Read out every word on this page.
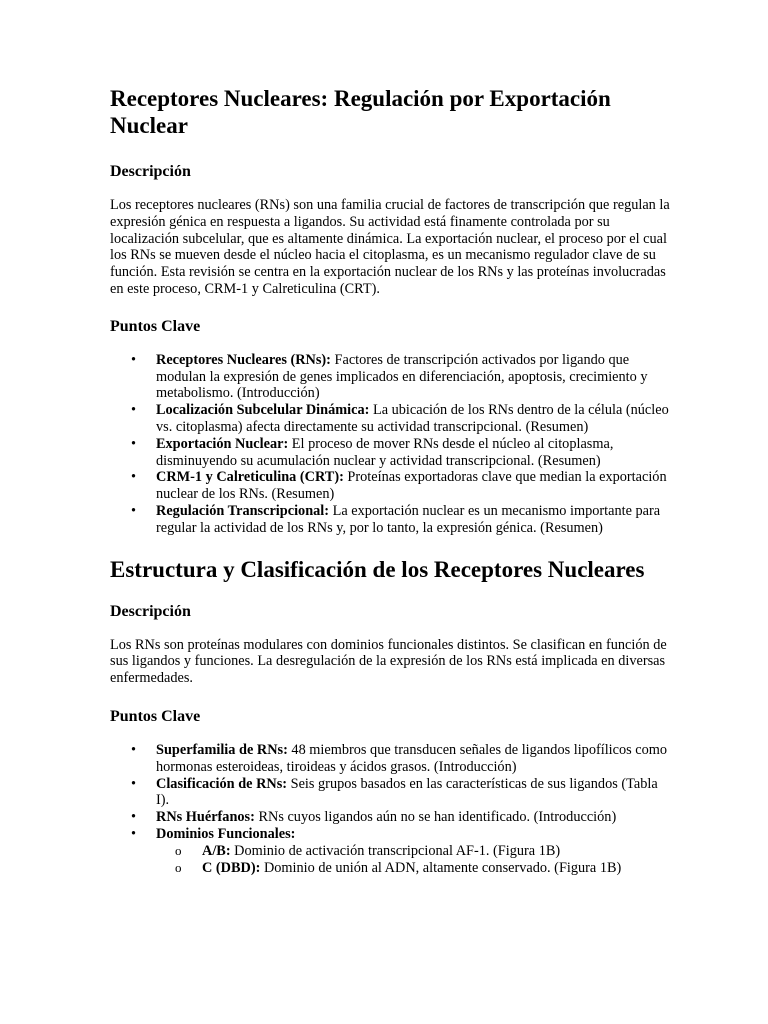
Receptores Nucleares: Regulación por Exportación Nuclear
Descripción

Los receptores nucleares (RNs) son una familia crucial de factores de transcripción que regulan la expresión génica en respuesta a ligandos. Su actividad está finamente controlada por su localización subcelular, que es altamente dinámica. La exportación nuclear, el proceso por el cual los RNs se mueven desde el núcleo hacia el citoplasma, es un mecanismo regulador clave de su función. Esta revisión se centra en la exportación nuclear de los RNs y las proteínas involucradas en este proceso, CRM-1 y Calreticulina (CRT).

Puntos Clave
• Receptores Nucleares (RNs): Factores de transcripción activados por ligando que modulan la expresión de genes implicados en diferenciación, apoptosis, crecimiento y metabolismo. (Introducción)
• Localización Subcelular Dinámica: La ubicación de los RNs dentro de la célula (núcleo vs. citoplasma) afecta directamente su actividad transcripcional. (Resumen)
• Exportación Nuclear: El proceso de mover RNs desde el núcleo al citoplasma, disminuyendo su acumulación nuclear y actividad transcripcional. (Resumen)
• CRM-1 y Calreticulina (CRT): Proteínas exportadoras clave que median la exportación nuclear de los RNs. (Resumen)
• Regulación Transcripcional: La exportación nuclear es un mecanismo importante para regular la actividad de los RNs y, por lo tanto, la expresión génica. (Resumen)
Estructura y Clasificación de los Receptores Nucleares
Descripción

Los RNs son proteínas modulares con dominios funcionales distintos. Se clasifican en función de sus ligandos y funciones. La desregulación de la expresión de los RNs está implicada en diversas enfermedades.

Puntos Clave
• Superfamilia de RNs: 48 miembros que transducen señales de ligandos lipofílicos como hormonas esteroideas, tiroideas y ácidos grasos. (Introducción)
• Clasificación de RNs: Seis grupos basados en las características de sus ligandos (Tabla I).
• RNs Huérfanos: RNs cuyos ligandos aún no se han identificado. (Introducción)
• Dominios Funcionales:
o A/B: Dominio de activación transcripcional AF-1. (Figura 1B)
o C (DBD): Dominio de unión al ADN, altamente conservado. (Figura 1B)
